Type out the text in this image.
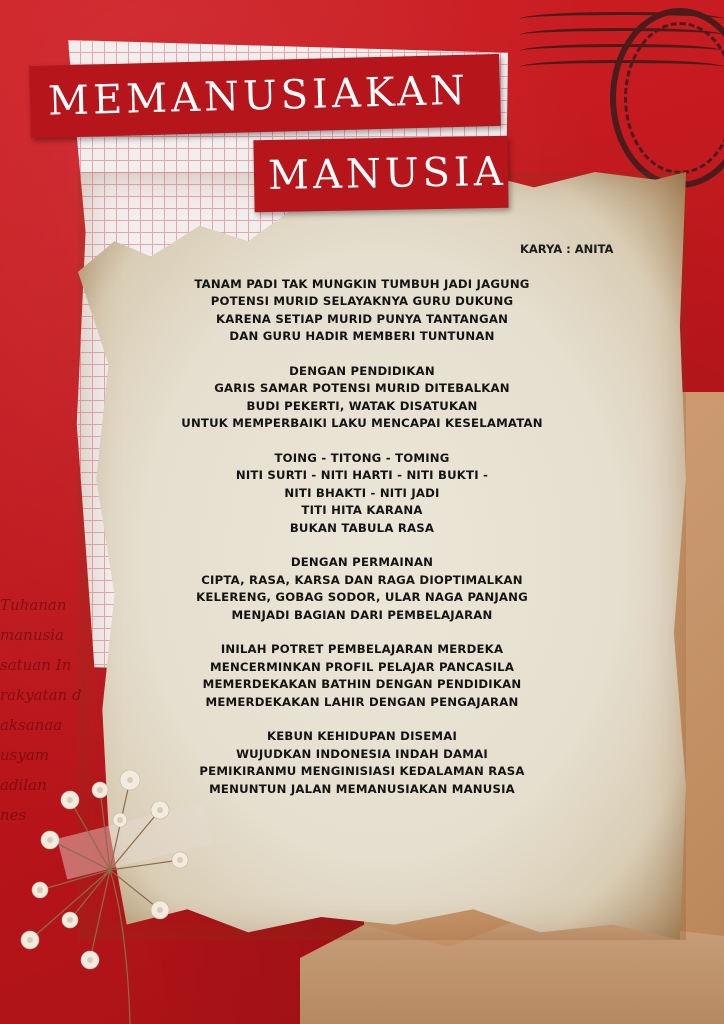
MEMANUSIAKAN
MANUSIA
KARYA : ANITA
TANAM PADI TAK MUNGKIN TUMBUH JADI JAGUNG
POTENSI MURID SELAYAKNYA GURU DUKUNG
KARENA SETIAP MURID PUNYA TANTANGAN
DAN GURU HADIR MEMBERI TUNTUNAN
DENGAN PENDIDIKAN
GARIS SAMAR POTENSI MURID DITEBALKAN
BUDI PEKERTI, WATAK DISATUKAN
UNTUK MEMPERBAIKI LAKU MENCAPAI KESELAMATAN
TOING - TITONG - TOMING
NITI SURTI - NITI HARTI - NITI BUKTI -
NITI BHAKTI - NITI JADI
TITI HITA KARANA
BUKAN TABULA RASA
DENGAN PERMAINAN
CIPTA, RASA, KARSA DAN RAGA DIOPTIMALKAN
KELERENG, GOBAG SODOR, ULAR NAGA PANJANG
MENJADI BAGIAN DARI PEMBELAJARAN
INILAH POTRET PEMBELAJARAN MERDEKA
MENCERMINKAN PROFIL PELAJAR PANCASILA
MEMERDEKAKAN BATHIN DENGAN PENDIDIKAN
MEMERDEKAKAN LAHIR DENGAN PENGAJARAN
KEBUN KEHIDUPAN DISEMAI
WUJUDKAN INDONESIA INDAH DAMAI
PEMIKIRANMU MENGINISIASI KEDALAMAN RASA
MENUNTUN JALAN MEMANUSIAKAN MANUSIA
Tuhanan
manusia
satuan In
rakyatan d
aksanaa
usyam
adilan
nes
